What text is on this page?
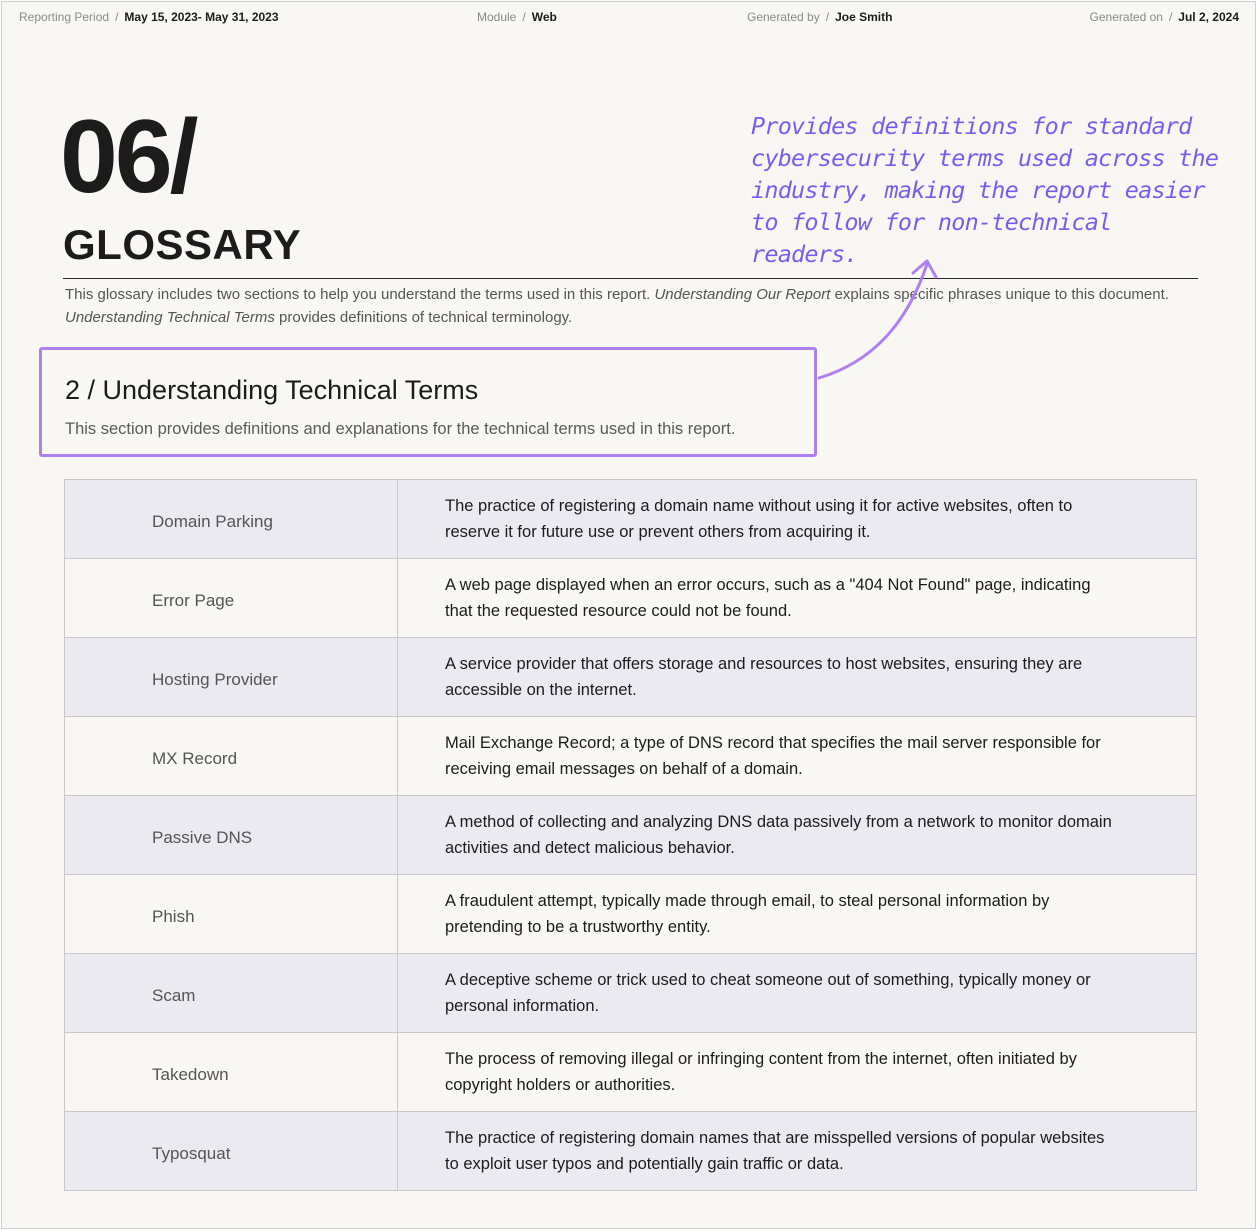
Reporting Period / May 15, 2023- May 31, 2023	Module / Web	Generated by / Joe Smith	Generated on / Jul 2, 2024
06/
GLOSSARY
This glossary includes two sections to help you understand the terms used in this report. Understanding Our Report explains specific phrases unique to this document. Understanding Technical Terms provides definitions of technical terminology.
Provides definitions for standard cybersecurity terms used across the industry, making the report easier to follow for non-technical readers.
2 / Understanding Technical Terms
This section provides definitions and explanations for the technical terms used in this report.
Domain Parking
The practice of registering a domain name without using it for active websites, often to reserve it for future use or prevent others from acquiring it.
Error Page
A web page displayed when an error occurs, such as a "404 Not Found" page, indicating that the requested resource could not be found.
Hosting Provider
A service provider that offers storage and resources to host websites, ensuring they are accessible on the internet.
MX Record
Mail Exchange Record; a type of DNS record that specifies the mail server responsible for receiving email messages on behalf of a domain.
Passive DNS
A method of collecting and analyzing DNS data passively from a network to monitor domain activities and detect malicious behavior.
Phish
A fraudulent attempt, typically made through email, to steal personal information by pretending to be a trustworthy entity.
Scam
A deceptive scheme or trick used to cheat someone out of something, typically money or personal information.
Takedown
The process of removing illegal or infringing content from the internet, often initiated by copyright holders or authorities.
Typosquat
The practice of registering domain names that are misspelled versions of popular websites to exploit user typos and potentially gain traffic or data.
